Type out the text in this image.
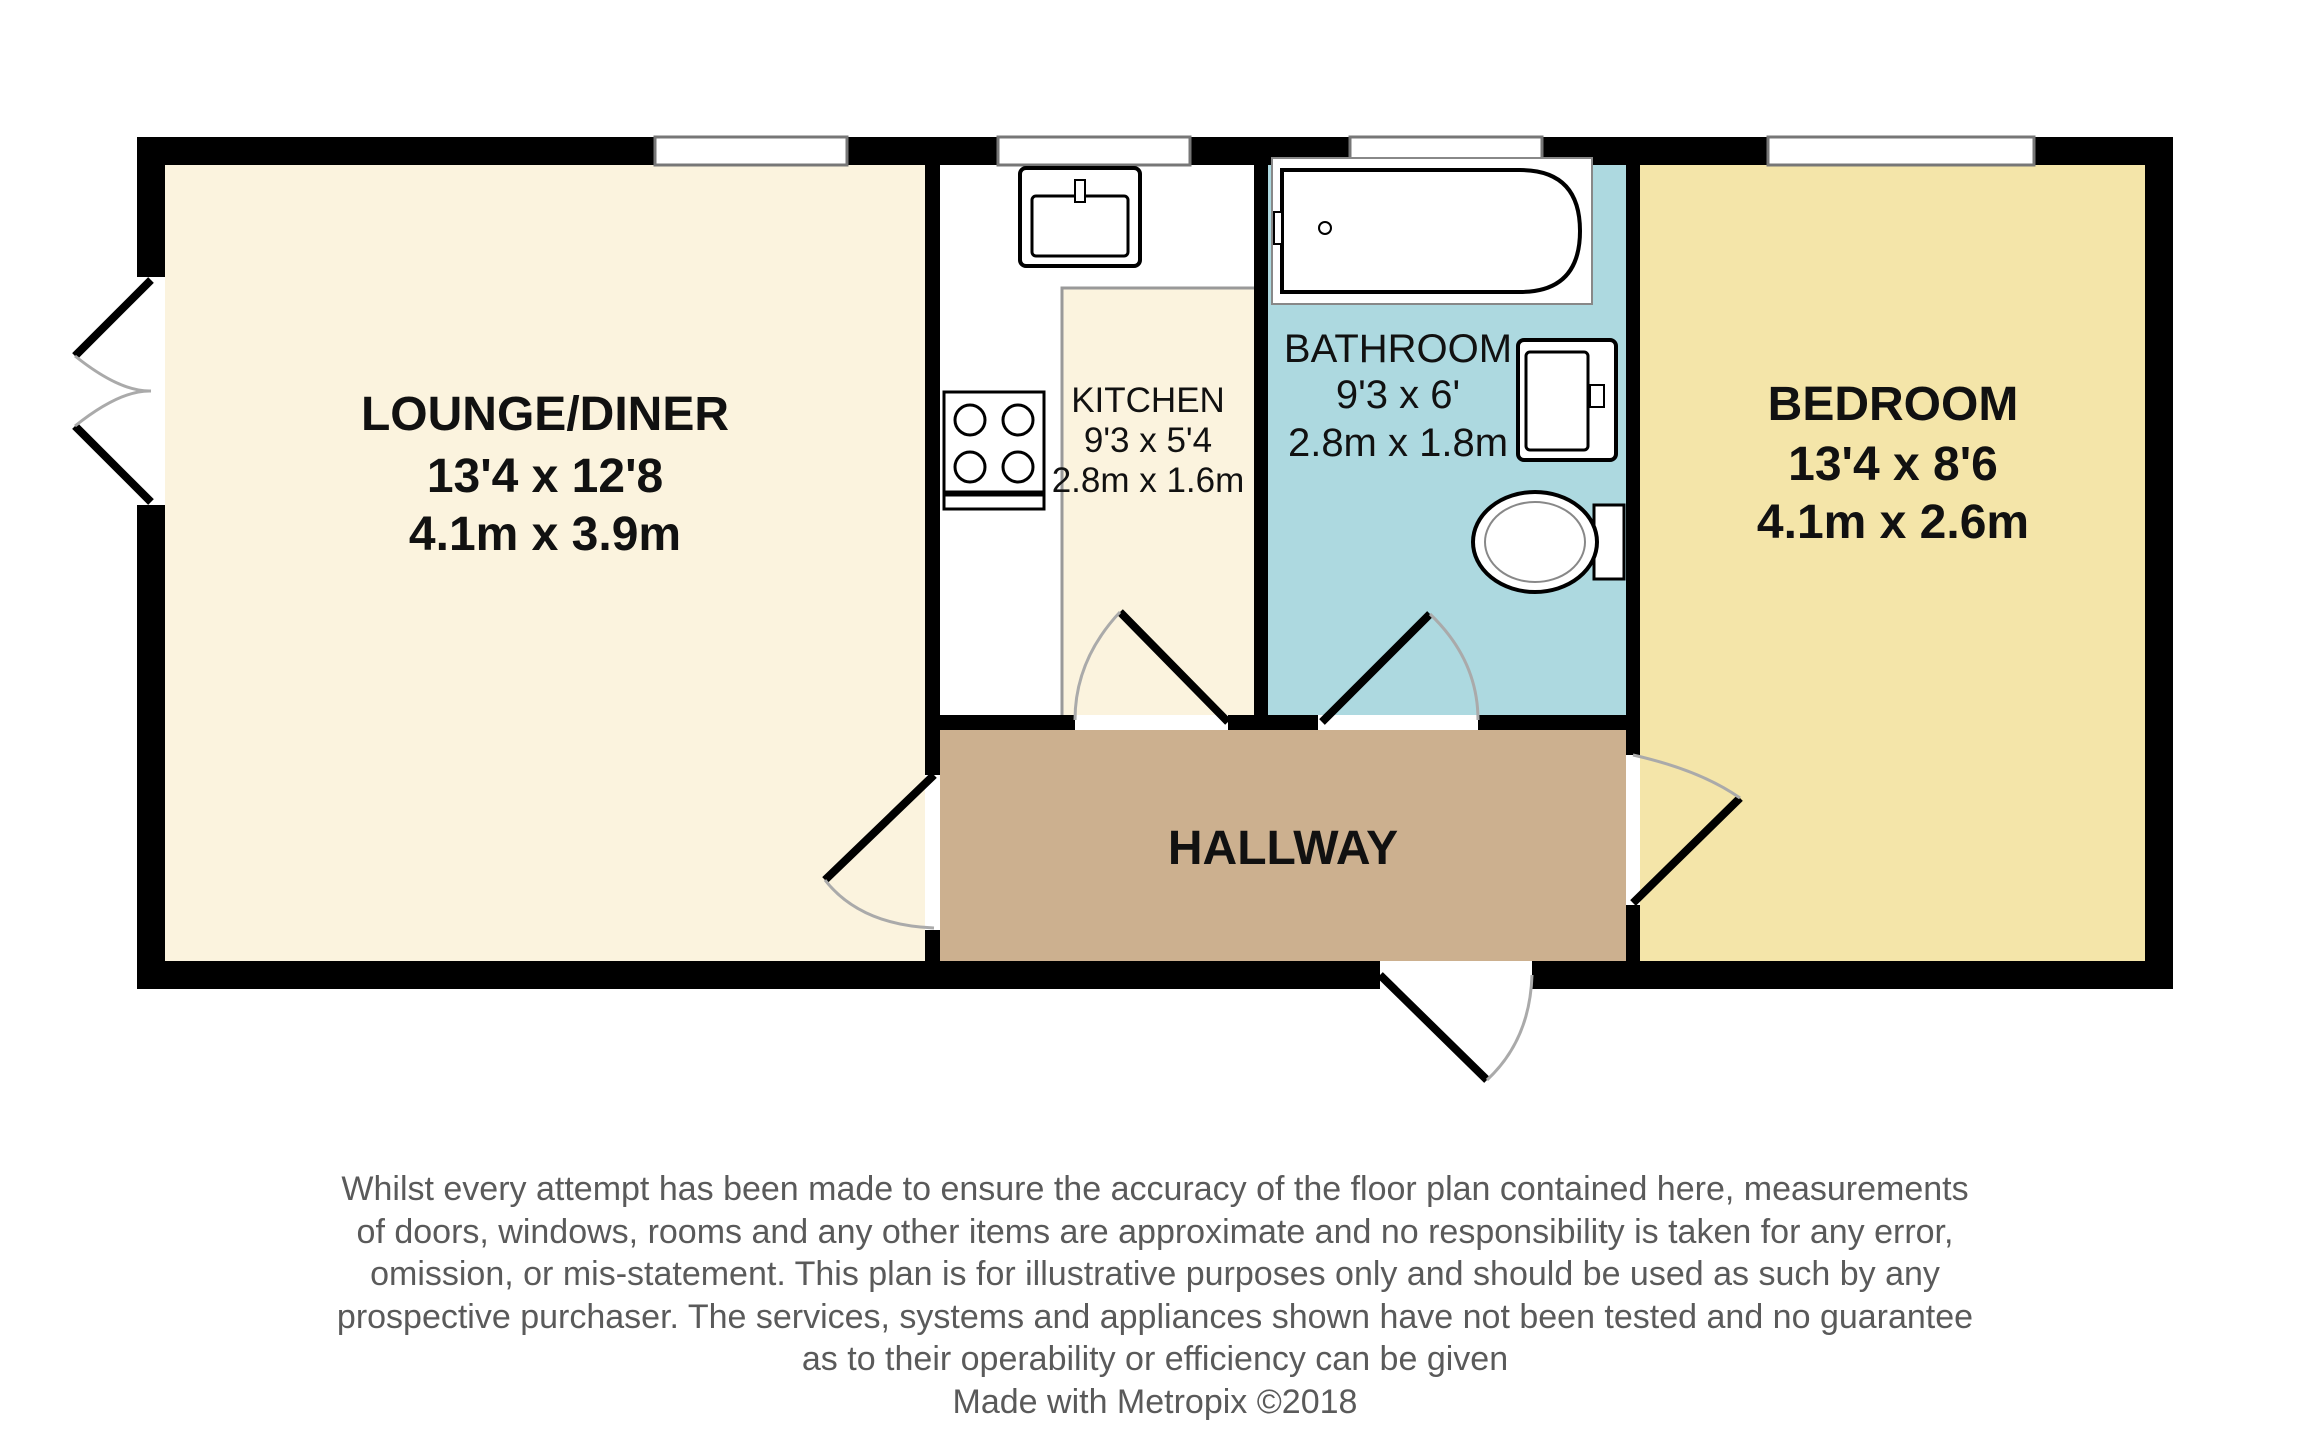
LOUNGE/DINER
13'4 x 12'8
4.1m x 3.9m
KITCHEN
9'3 x 5'4
2.8m x 1.6m
BATHROOM
9'3 x 6'
2.8m x 1.8m
BEDROOM
13'4 x 8'6
4.1m x 2.6m
HALLWAY
Whilst every attempt has been made to ensure the accuracy of the floor plan contained here, measurements
of doors, windows, rooms and any other items are approximate and no responsibility is taken for any error,
omission, or mis-statement. This plan is for illustrative purposes only and should be used as such by any
prospective purchaser. The services, systems and appliances shown have not been tested and no guarantee
as to their operability or efficiency can be given
Made with Metropix ©2018
